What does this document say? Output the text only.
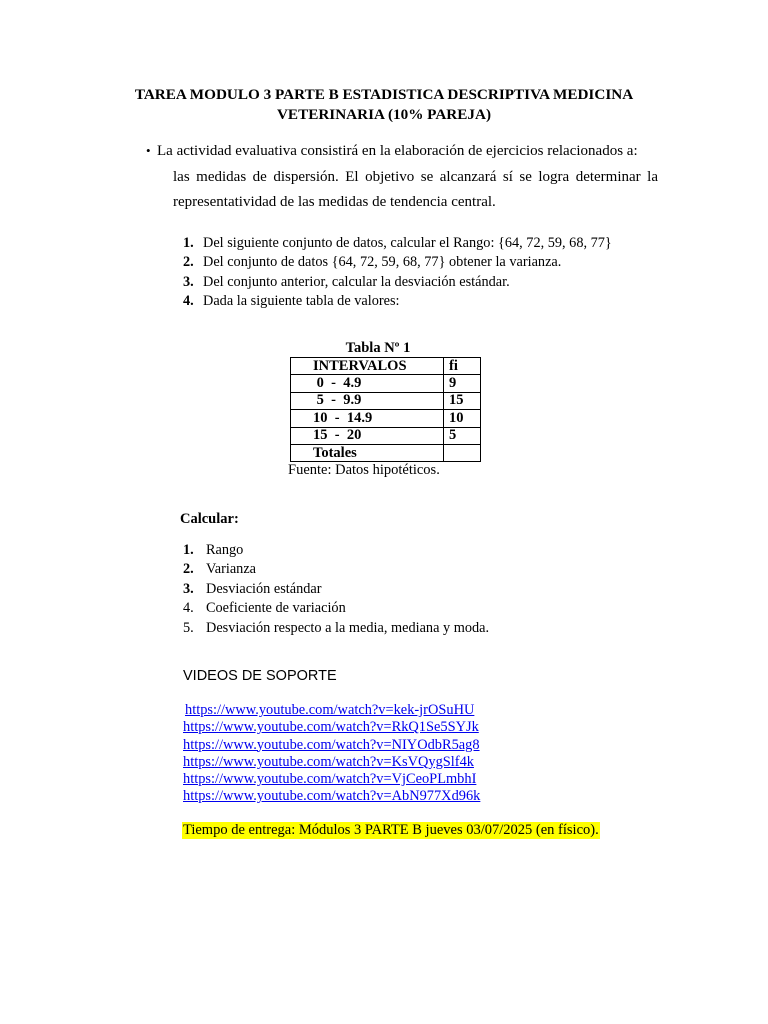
TAREA MODULO 3 PARTE B ESTADISTICA DESCRIPTIVA MEDICINA
VETERINARIA (10% PAREJA)
• La actividad evaluativa consistirá en la elaboración de ejercicios relacionados a:
las medidas de dispersión. El objetivo se alcanzará sí se logra determinar la
representatividad de las medidas de tendencia central.
1. Del siguiente conjunto de datos, calcular el Rango: {64, 72, 59, 68, 77}
2. Del conjunto de datos {64, 72, 59, 68, 77} obtener la varianza.
3. Del conjunto anterior, calcular la desviación estándar.
4. Dada la siguiente tabla de valores:
Tabla Nº 1
INTERVALOS	fi
0  -  4.9	9
5  -  9.9	15
10  -  14.9	10
15  -  20	5
Totales	
Fuente: Datos hipotéticos.
Calcular:
1. Rango
2. Varianza
3. Desviación estándar
4. Coeficiente de variación
5. Desviación respecto a la media, mediana y moda.
VIDEOS DE SOPORTE
https://www.youtube.com/watch?v=kek-jrOSuHU
https://www.youtube.com/watch?v=RkQ1Se5SYJk
https://www.youtube.com/watch?v=NIYOdbR5ag8
https://www.youtube.com/watch?v=KsVQygSlf4k
https://www.youtube.com/watch?v=VjCeoPLmbhI
https://www.youtube.com/watch?v=AbN977Xd96k
Tiempo de entrega: Módulos 3 PARTE B jueves 03/07/2025 (en físico).
